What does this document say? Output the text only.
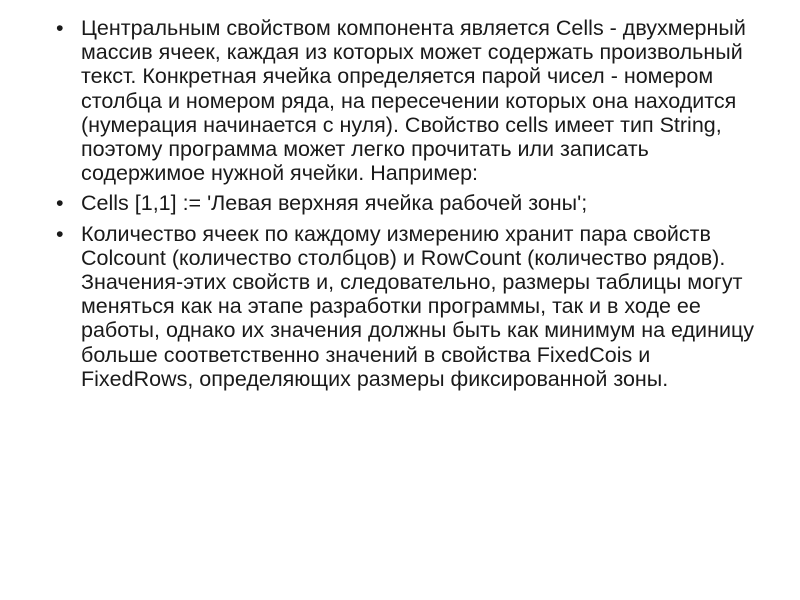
• Центральным свойством компонента является Cells - двухмерный массив ячеек, каждая из которых может содержать произвольный текст. Конкретная ячейка определяется парой чисел - номером столбца и номером ряда, на пересечении которых она находится (нумерация начинается с нуля). Свойство cells имеет тип String, поэтому программа может легко прочитать или записать содержимое нужной ячейки. Например:
• Cells [1,1] := 'Левая верхняя ячейка рабочей зоны';
• Количество ячеек по каждому измерению хранит пара свойств Colcount (количество столбцов) и RowCount (количество рядов). Значения-этих свойств и, следовательно, размеры таблицы могут меняться как на этапе разработки программы, так и в ходе ее работы, однако их значения должны быть как минимум на единицу больше соответственно значений в свойства FixedCois и FixedRows, определяющих размеры фиксированной зоны.
